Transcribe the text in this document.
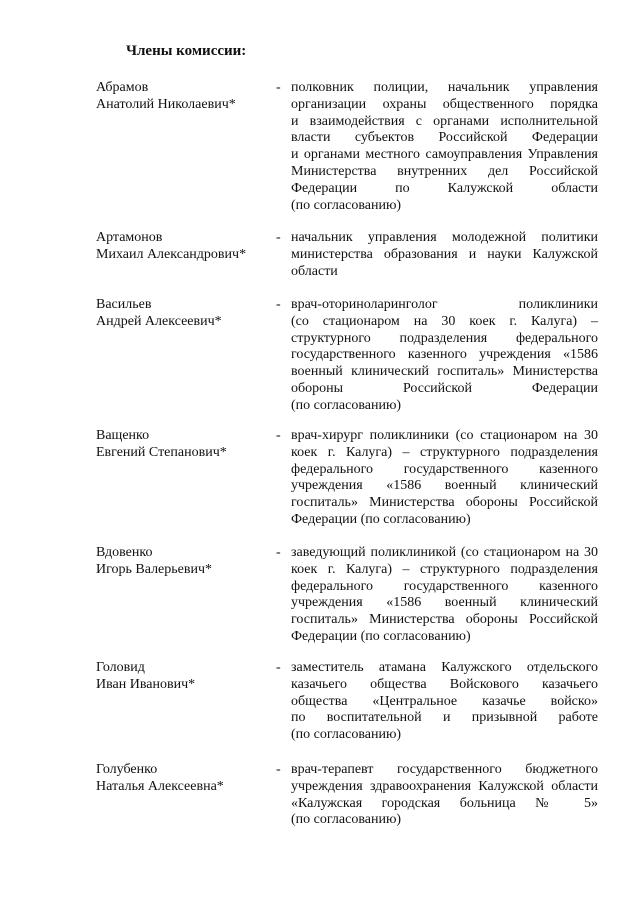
Члены комиссии:
Абрамов
Анатолий Николаевич*
- полковник полиции, начальник управления
организации охраны общественного порядка
и взаимодействия с органами исполнительной
власти субъектов Российской Федерации
и органами местного самоуправления Управления
Министерства внутренних дел Российской
Федерации по Калужской области
(по согласованию)
Артамонов
Михаил Александрович*
- начальник управления молодежной политики
министерства образования и науки Калужской
области
Васильев
Андрей Алексеевич*
- врач-оториноларинголог поликлиники
(со стационаром на 30 коек г. Калуга) –
структурного подразделения федерального
государственного казенного учреждения «1586
военный клинический госпиталь» Министерства
обороны Российской Федерации
(по согласованию)
Ващенко
Евгений Степанович*
- врач-хирург поликлиники (со стационаром на 30
коек г. Калуга) – структурного подразделения
федерального государственного казенного
учреждения «1586 военный клинический
госпиталь» Министерства обороны Российской
Федерации (по согласованию)
Вдовенко
Игорь Валерьевич*
- заведующий поликлиникой (со стационаром на 30
коек г. Калуга) – структурного подразделения
федерального государственного казенного
учреждения «1586 военный клинический
госпиталь» Министерства обороны Российской
Федерации (по согласованию)
Головид
Иван Иванович*
- заместитель атамана Калужского отдельского
казачьего общества Войскового казачьего
общества «Центральное казачье войско»
по воспитательной и призывной работе
(по согласованию)
Голубенко
Наталья Алексеевна*
- врач-терапевт государственного бюджетного
учреждения здравоохранения Калужской области
«Калужская городская больница № 5»
(по согласованию)
